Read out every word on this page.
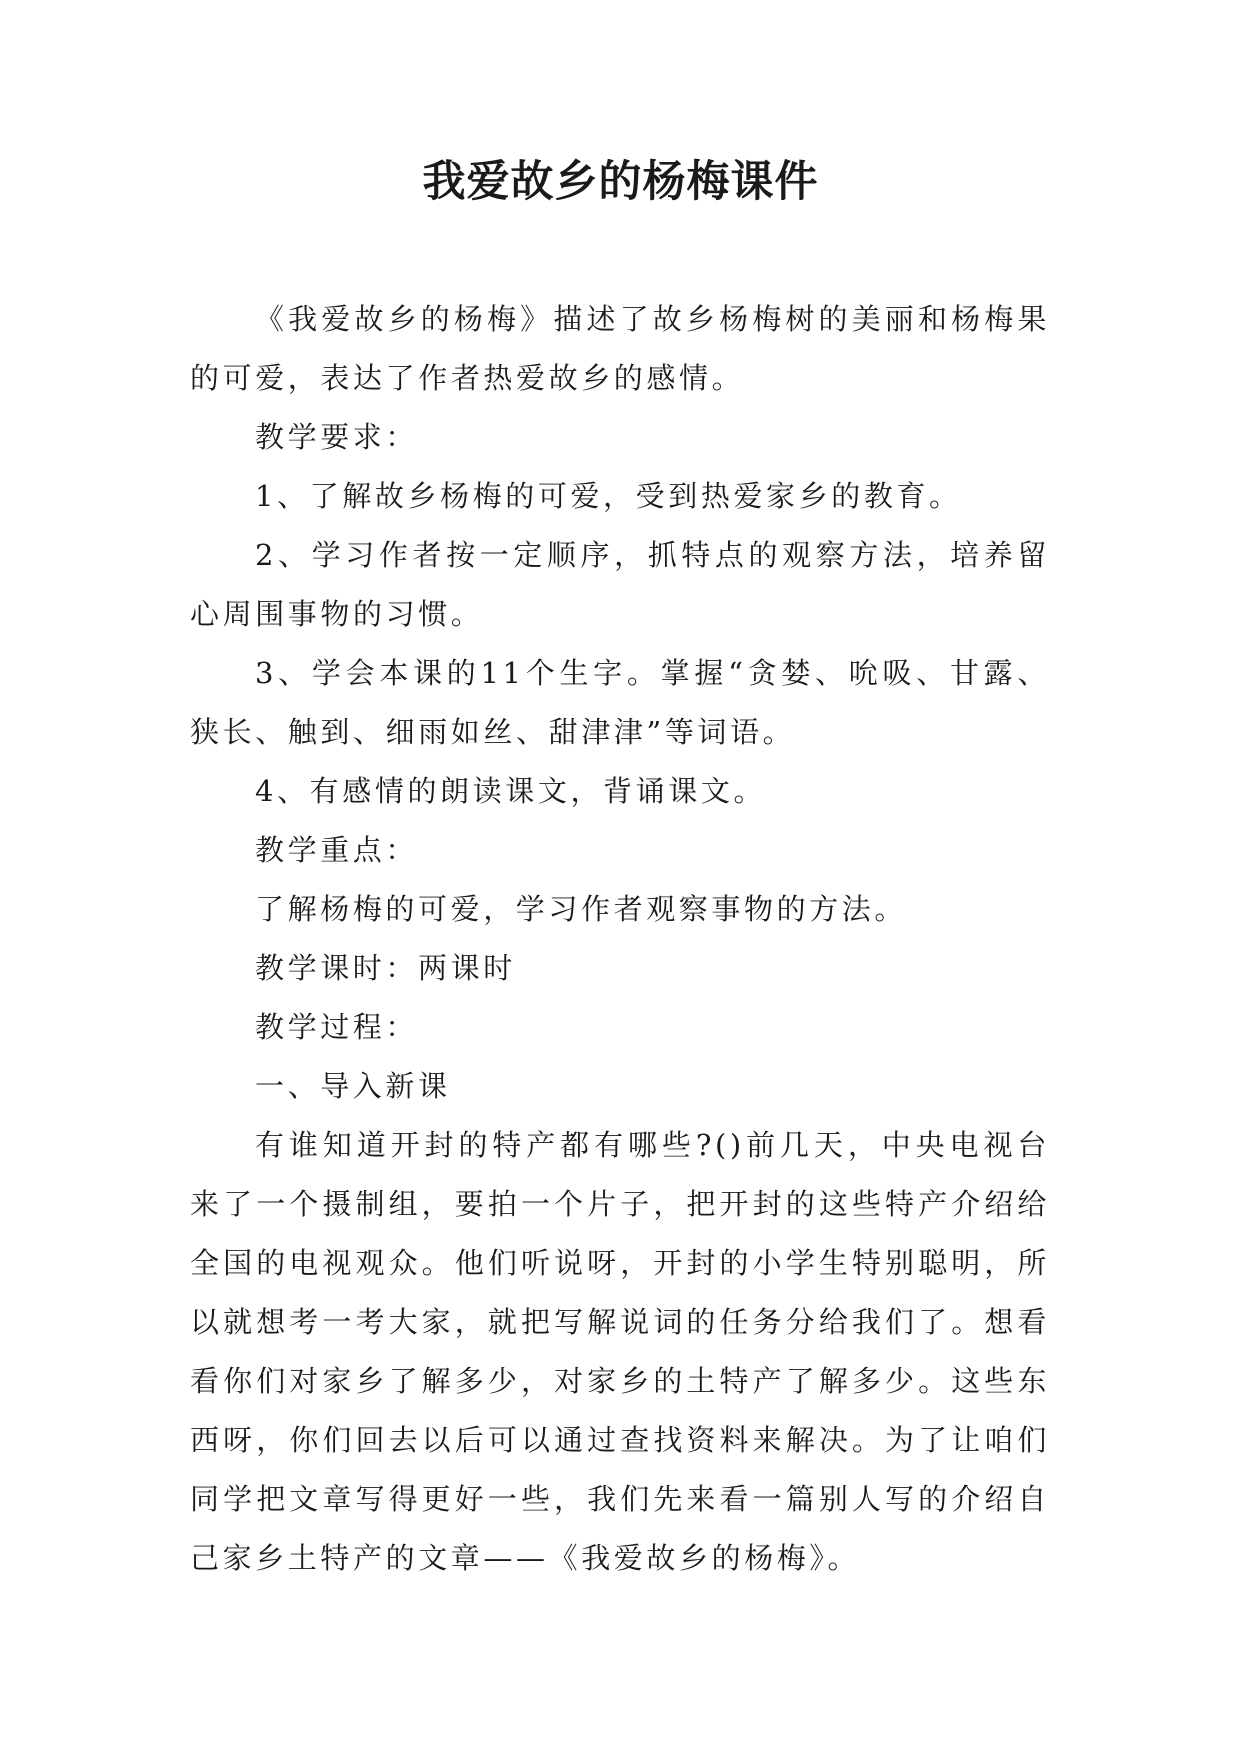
我爱故乡的杨梅课件

《我爱故乡的杨梅》描述了故乡杨梅树的美丽和杨梅果的可爱，表达了作者热爱故乡的感情。

教学要求：

1、了解故乡杨梅的可爱，受到热爱家乡的教育。

2、学习作者按一定顺序，抓特点的观察方法，培养留心周围事物的习惯。

3、学会本课的11个生字。掌握“贪婪、吮吸、甘露、狭长、触到、细雨如丝、甜津津”等词语。

4、有感情的朗读课文，背诵课文。

教学重点：

了解杨梅的可爱，学习作者观察事物的方法。

教学课时：两课时

教学过程：

一、导入新课

有谁知道开封的特产都有哪些?()前几天，中央电视台来了一个摄制组，要拍一个片子，把开封的这些特产介绍给全国的电视观众。他们听说呀，开封的小学生特别聪明，所以就想考一考大家，就把写解说词的任务分给我们了。想看看你们对家乡了解多少，对家乡的土特产了解多少。这些东西呀，你们回去以后可以通过查找资料来解决。为了让咱们同学把文章写得更好一些，我们先来看一篇别人写的介绍自己家乡土特产的文章——《我爱故乡的杨梅》。
